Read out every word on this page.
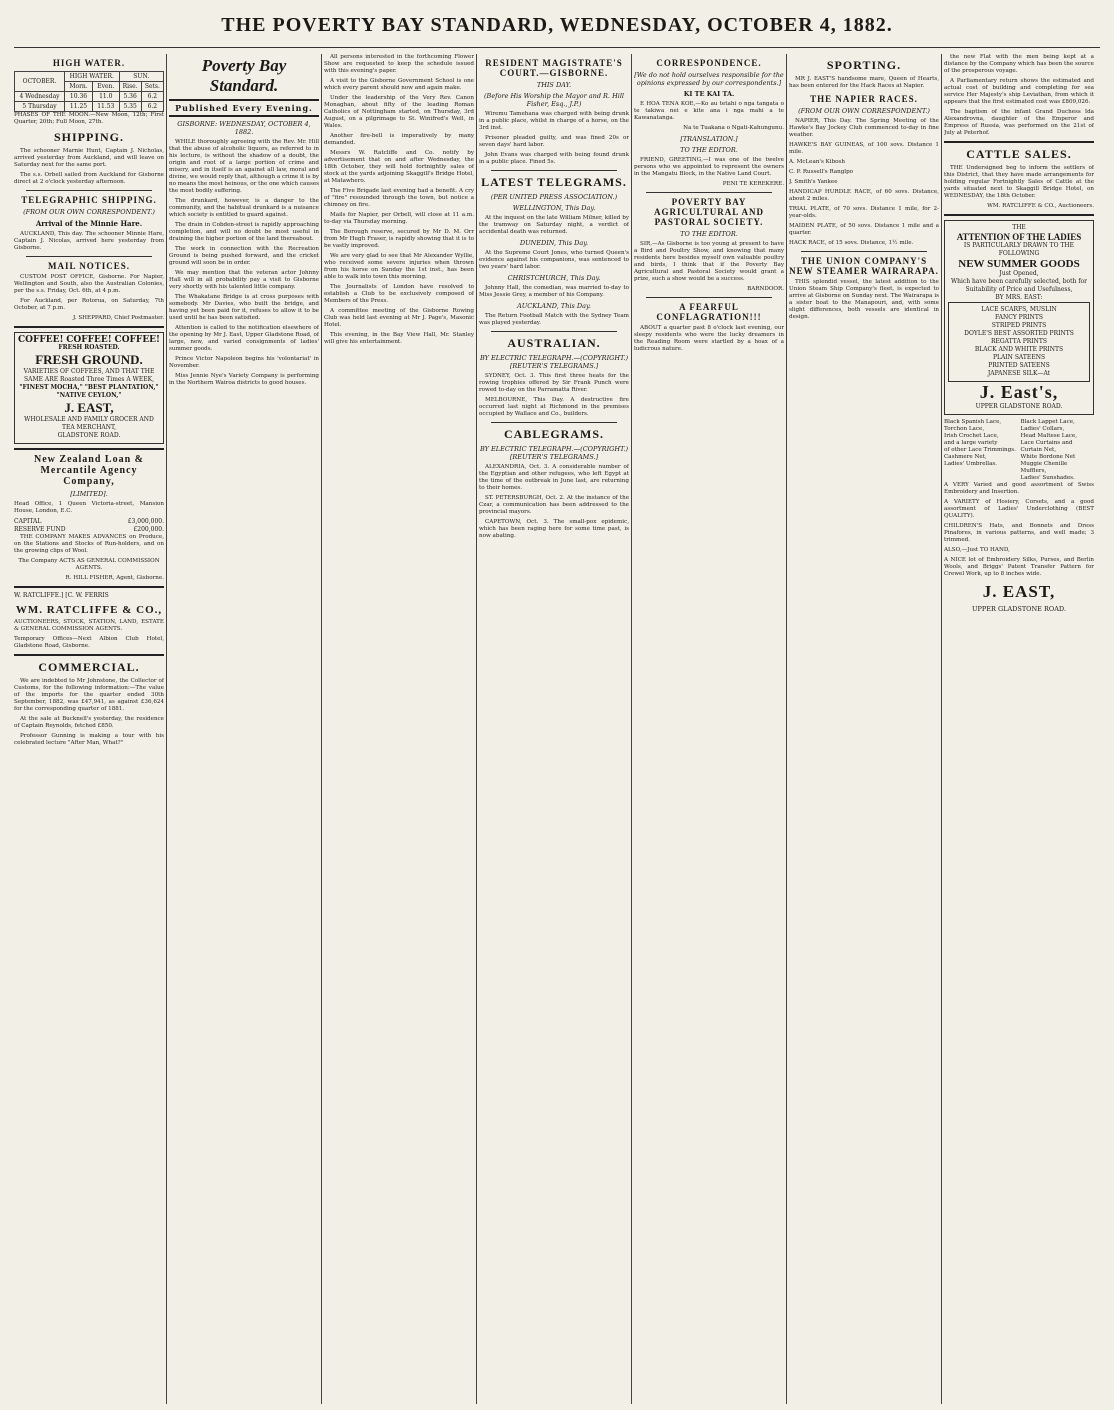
THE POVERTY BAY STANDARD, WEDNESDAY, OCTOBER 4, 1882.
HIGH WATER.
OCTOBER.	HIGH WATER.		SUN.	
	Morn.	Even.	Rise.	Sets.
4 Wednesday	10.36	11.0	5.36	6.2
5 Thursday	11.25	11.53	5.35	6.2
PHASES OF THE MOON.—New Moon, 12th; First Quarter, 20th; Full Moon, 27th.
SHIPPING.
The schooner Marnie Hunt, Captain J. Nicholas, arrived yesterday from Auckland, and will leave on Saturday next for the same port.
The s.s. Orbell sailed from Auckland for Gisborne direct at 2 o'clock yesterday afternoon.
TELEGRAPHIC SHIPPING.
(FROM OUR OWN CORRESPONDENT.)
Arrival of the Minnie Hare.
AUCKLAND, This day. The schooner Minnie Hare, Captain J. Nicolas, arrived here yesterday from Gisborne.
MAIL NOTICES.
CUSTOM POST OFFICE, Gisborne. For Napier, Wellington and South, also the Australian Colonies, per the s.s. Friday, Oct. 6th, at 4 p.m.
For Auckland, per Rotorua, on Saturday, 7th October, at 7 p.m.
J. SHEPPARD, Chief Postmaster.
COFFEE! COFFEE! COFFEE!
FRESH ROASTED.
FRESH GROUND.
VARIETIES OF COFFEES, AND THAT THE SAME ARE Roasted Three Times A WEEK,
"FINEST MOCHA," "BEST PLANTATION," "NATIVE CEYLON,"
J. EAST,
WHOLESALE AND FAMILY GROCER AND TEA MERCHANT,
GLADSTONE ROAD.
New Zealand Loan & Mercantile Agency Company,
[LIMITED].
Head Office, 1 Queen Victoria-street, Mansion House, London, E.C.
CAPITAL	£3,000,000.
RESERVE FUND	£200,000.
THE COMPANY MAKES ADVANCES on Produce, on the Stations and Stocks of Run-holders, and on the growing clips of Wool.
The Company ACTS AS GENERAL COMMISSION AGENTS.
R. HILL FISHER, Agent, Gisborne.
W. RATCLIFFE.] [C. W. FERRIS
WM. RATCLIFFE & CO.,
AUCTIONEERS, STOCK, STATION, LAND, ESTATE & GENERAL COMMISSION AGENTS.
Temporary Offices—Next Albion Club Hotel, Gladstone Road, Gisborne.
COMMERCIAL.
We are indebted to Mr Johnstone, the Collector of Customs, for the following information:—The value of the imports for the quarter ended 30th September, 1882, was £47,941, as against £36,624 for the corresponding quarter of 1881.
At the sale at Bucknell's yesterday, the residence of Captain Reynolds, fetched £850.
Professor Gunning is making a tour with his celebrated lecture "After Man, What?"
Poverty Bay Standard.
Published Every Evening.
GISBORNE: WEDNESDAY, OCTOBER 4, 1882.
WHILE thoroughly agreeing with the Rev. Mr. Hill that the abuse of alcoholic liquors, as referred to in his lecture, is without the shadow of a doubt, the origin and root of a large portion of crime and misery, and in itself is an against all law, moral and divine, we would reply that, although a crime it is by no means the most heinous, or the one which causes the most bodily suffering.
The drunkard, however, is a danger to the community, and the habitual drunkard is a nuisance which society is entitled to guard against.
The drain in Cobden-street is rapidly approaching completion, and will no doubt be most useful in draining the higher portion of the land thereabout.
The work in connection with the Recreation Ground is being pushed forward, and the cricket ground will soon be in order.
We may mention that the veteran actor Johnny Hall will in all probability pay a visit to Gisborne very shortly with his talented little company.
The Whakatane Bridge is at cross purposes with somebody. Mr Davies, who built the bridge, and having yet been paid for it, refuses to allow it to be used until he has been satisfied.
Attention is called to the notification elsewhere of the opening by Mr J. East, Upper Gladstone Road, of large, new, and varied consignments of ladies' summer goods.
Prince Victor Napoleon begins his 'volontariat' in November.
Miss Jennie Nye's Variety Company is performing in the Northern Wairoa districts to good houses.
All persons interested in the forthcoming Flower Show are requested to keep the schedule issued with this evening's paper.
A visit to the Gisborne Government School is one which every parent should now and again make.
Under the leadership of the Very Rev. Canon Monaghan, about fifty of the leading Roman Catholics of Nottingham started, on Thursday, 3rd August, on a pilgrimage to St. Winifred's Well, in Wales.
Another fire-bell is imperatively by many demanded.
Messrs W. Ratcliffe and Co. notify by advertisement that on and after Wednesday, the 18th October, they will hold fortnightly sales of stock at the yards adjoining Skaggill's Bridge Hotel, at Matawhero.
The Five Brigade last evening had a benefit. A cry of "fire" resounded through the town, but notice a chimney on fire.
Mails for Napier, per Orbell, will close at 11 a.m. to-day via Thursday morning.
The Borough reserve, secured by Mr D. M. Orr from Mr Hugh Fraser, is rapidly showing that it is to be vastly improved.
We are very glad to see that Mr Alexander Wyllie, who received some severe injuries when thrown from his horse on Sunday the 1st inst., has been able to walk into town this morning.
The Journalists of London have resolved to establish a Club to be exclusively composed of Members of the Press.
A committee meeting of the Gisborne Rowing Club was held last evening at Mr J. Page's, Masonic Hotel.
This evening, in the Bay View Hall, Mr. Stanley will give his entertainment.
RESIDENT MAGISTRATE'S COURT.—GISBORNE.
THIS DAY.
(Before His Worship the Mayor and R. Hill Fisher, Esq., J.P.)
Wiremu Tamehana was charged with being drunk in a public place, whilst in charge of a horse, on the 3rd inst.
Prisoner pleaded guilty, and was fined 20s or seven days' hard labor.
John Evans was charged with being found drunk in a public place. Fined 5s.
LATEST TELEGRAMS.
(PER UNITED PRESS ASSOCIATION.)
WELLINGTON, This Day.
At the inquest on the late William Milner, killed by the tramway on Saturday night, a verdict of accidental death was returned.
DUNEDIN, This Day.
At the Supreme Court Jones, who turned Queen's evidence against his companions, was sentenced to two years' hard labor.
CHRISTCHURCH, This Day.
Johnny Hall, the comedian, was married to-day to Miss Jessie Grey, a member of his Company.
AUCKLAND, This Day.
The Return Football Match with the Sydney Team was played yesterday.
AUSTRALIAN.
BY ELECTRIC TELEGRAPH.—(COPYRIGHT.) [REUTER'S TELEGRAMS.]
SYDNEY, Oct. 3. This first three heats for the rowing trophies offered by Sir Frank Punch were rowed to-day on the Parramatta River.
MELBOURNE, This Day. A destructive fire occurred last night at Richmond in the premises occupied by Wallace and Co., builders.
CABLEGRAMS.
BY ELECTRIC TELEGRAPH.—(COPYRIGHT.) [REUTER'S TELEGRAMS.]
ALEXANDRIA, Oct. 3. A considerable number of the Egyptian and other refugees, who left Egypt at the time of the outbreak in June last, are returning to their homes.
ST. PETERSBURGH, Oct. 2. At the instance of the Czar, a communication has been addressed to the provincial mayors.
CAPETOWN, Oct. 3. The small-pox epidemic, which has been raging here for some time past, is now abating.
CORRESPONDENCE.
[We do not hold ourselves responsible for the opinions expressed by our correspondents.]
KI TE KAI TA.
E HOA TENA KOE,—Ko au tetahi o nga tangata o te takiwa nei e kite ana i nga mahi a te Kawanatanga.
Na te Tuakana o Ngati-Kahungunu.
[TRANSLATION.]
TO THE EDITOR.
FRIEND, GREETING,—I was one of the twelve persons who we appointed to represent the owners in the Mangatu Block, in the Native Land Court.
PENI TE KEREKERE.
POVERTY BAY AGRICULTURAL AND PASTORAL SOCIETY.
TO THE EDITOR.
SIR,—As Gisborne is too young at present to have a Bird and Poultry Show, and knowing that many residents here besides myself own valuable poultry and birds, I think that if the Poverty Bay Agricultural and Pastoral Society would grant a prize, such a show would be a success.
BARNDOOR.
A FEARFUL CONFLAGRATION!!!
ABOUT a quarter past 8 o'clock last evening, our sleepy residents who were the lucky dreamers in the Reading Room were startled by a hoax of a ludicrous nature.
SPORTING.
MR J. EAST'S handsome mare, Queen of Hearts, has been entered for the Hack Races at Napier.
THE NAPIER RACES.
(FROM OUR OWN CORRESPONDENT.)
NAPIER, This Day. The Spring Meeting of the Hawke's Bay Jockey Club commenced to-day in fine weather.
HAWKE'S BAY GUINEAS, of 100 sovs. Distance 1 mile.
A. McLean's Kibosh
C. P. Russell's Ranglpo
J. Smith's Yankee
HANDICAP HURDLE RACE, of 60 sovs. Distance, about 2 miles.
TRIAL PLATE, of 70 sovs. Distance 1 mile, for 2-year-olds.
MAIDEN PLATE, of 50 sovs. Distance 1 mile and a quarter.
HACK RACE, of 15 sovs. Distance, 1½ mile.
THE UNION COMPANY'S NEW STEAMER WAIRARAPA.
THIS splendid vessel, the latest addition to the Union Steam Ship Company's fleet, is expected to arrive at Gisborne on Sunday next. The Wairarapa is a sister boat to the Manapouri, and, with some slight differences, both vessels are identical in design.
the new Flat with the men being kept at a distance by the Company which has been the source of the prosperous voyage.
A Parliamentary return shows the estimated and actual cost of building and completing for sea service Her Majesty's ship Leviathan, from which it appears that the first estimated cost was £809,026.
The baptism of the infant Grand Duchess Ida Alexandrovna, daughter of the Emperor and Empress of Russia, was performed on the 21st of July at Peterhof.
CATTLE SALES.
THE Undersigned beg to inform the settlers of this District, that they have made arrangements for holding regular Fortnightly Sales of Cattle at the yards situated next to Skaggill Bridge Hotel, on WEDNESDAY, the 18th October.
WM. RATCLIFFE & CO., Auctioneers.
THE
ATTENTION OF THE LADIES
IS PARTICULARLY DRAWN TO THE FOLLOWING
NEW SUMMER GOODS
Just Opened,
Which have been carefully selected, both for Suitability of Price and Usefulness,
BY MRS. EAST:
LACE SCARFS, MUSLIN
FANCY PRINTS
STRIPED PRINTS
DOYLE'S BEST ASSORTED PRINTS
REGATTA PRINTS
BLACK AND WHITE PRINTS
PLAIN SATEENS
PRINTED SATEENS
JAPANESE SILK—At
J. East's,
UPPER GLADSTONE ROAD.
Black Spanish Lace,
Torchon Lace,
Irish Crochet Lace,
and a large variety
of other Lace Trimmings.
Cashmere Net,
Ladies' Umbrellas.
Black Lappet Lace,
Ladies' Collars,
Head Maltese Lace,
Lace Curtains and
Curtain Net,
White Bordone Net
Muggie Chenille
Mufflers,
Ladies' Sunshades.
A VERY Varied and good assortment of Swiss Embroidery and Insertion.
A VARIETY of Hosiery, Corsets, and a good assortment of Ladies' Underclothing (BEST QUALITY).
CHILDREN'S Hats, and Bonnets and Dress Pinafores, in various patterns, and well made; 3 trimmed.
ALSO,—Just TO HAND,
A NICE lot of Embroidery Silks, Purses, and Berlin Wools, and Briggs' Patent Transfer Pattern for Crewel Work, up to 8 inches wide.
J. EAST,
UPPER GLADSTONE ROAD.
